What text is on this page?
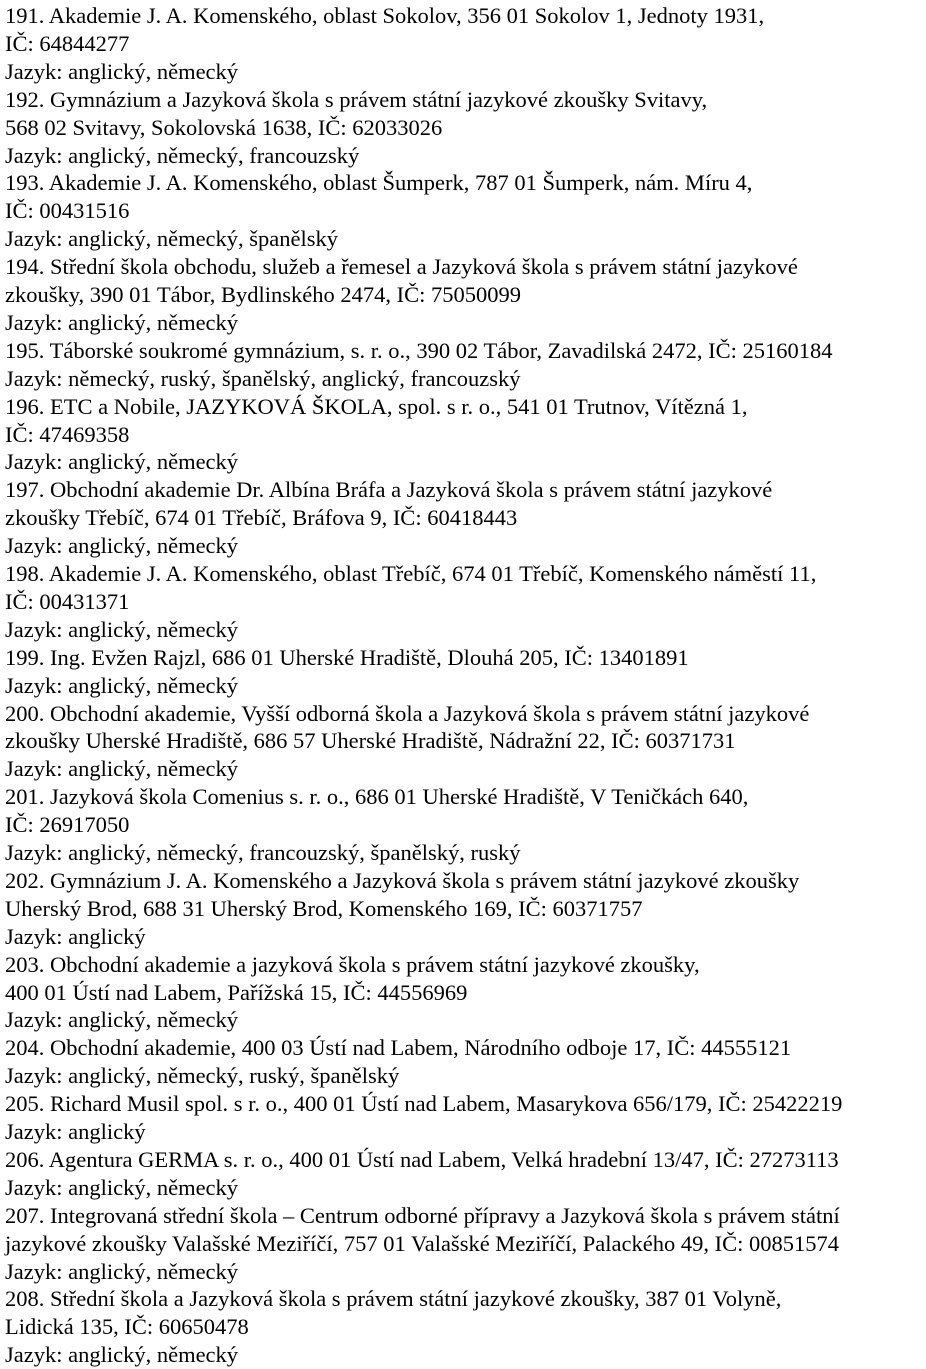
191. Akademie J. A. Komenského, oblast Sokolov, 356 01 Sokolov 1, Jednoty 1931,
IČ: 64844277
Jazyk: anglický, německý
192. Gymnázium a Jazyková škola s právem státní jazykové zkoušky Svitavy,
568 02 Svitavy, Sokolovská 1638, IČ: 62033026
Jazyk: anglický, německý, francouzský
193. Akademie J. A. Komenského, oblast Šumperk, 787 01 Šumperk, nám. Míru 4,
IČ: 00431516
Jazyk: anglický, německý, španělský
194. Střední škola obchodu, služeb a řemesel a Jazyková škola s právem státní jazykové
zkoušky, 390 01 Tábor, Bydlinského 2474, IČ: 75050099
Jazyk: anglický, německý
195. Táborské soukromé gymnázium, s. r. o., 390 02 Tábor, Zavadilská 2472, IČ: 25160184
Jazyk: německý, ruský, španělský, anglický, francouzský
196. ETC a Nobile, JAZYKOVÁ ŠKOLA, spol. s r. o., 541 01 Trutnov, Vítězná 1,
IČ: 47469358
Jazyk: anglický, německý
197. Obchodní akademie Dr. Albína Bráfa a Jazyková škola s právem státní jazykové
zkoušky Třebíč, 674 01 Třebíč, Bráfova 9, IČ: 60418443
Jazyk: anglický, německý
198. Akademie J. A. Komenského, oblast Třebíč, 674 01 Třebíč, Komenského náměstí 11,
IČ: 00431371
Jazyk: anglický, německý
199. Ing. Evžen Rajzl, 686 01 Uherské Hradiště, Dlouhá 205, IČ: 13401891
Jazyk: anglický, německý
200. Obchodní akademie, Vyšší odborná škola a Jazyková škola s právem státní jazykové
zkoušky Uherské Hradiště, 686 57 Uherské Hradiště, Nádražní 22, IČ: 60371731
Jazyk: anglický, německý
201. Jazyková škola Comenius s. r. o., 686 01 Uherské Hradiště, V Teničkách 640,
IČ: 26917050
Jazyk: anglický, německý, francouzský, španělský, ruský
202. Gymnázium J. A. Komenského a Jazyková škola s právem státní jazykové zkoušky
Uherský Brod, 688 31 Uherský Brod, Komenského 169, IČ: 60371757
Jazyk: anglický
203. Obchodní akademie a jazyková škola s právem státní jazykové zkoušky,
400 01 Ústí nad Labem, Pařížská 15, IČ: 44556969
Jazyk: anglický, německý
204. Obchodní akademie, 400 03 Ústí nad Labem, Národního odboje 17, IČ: 44555121
Jazyk: anglický, německý, ruský, španělský
205. Richard Musil spol. s r. o., 400 01 Ústí nad Labem, Masarykova 656/179, IČ: 25422219
Jazyk: anglický
206. Agentura GERMA s. r. o., 400 01 Ústí nad Labem, Velká hradební 13/47, IČ: 27273113
Jazyk: anglický, německý
207. Integrovaná střední škola – Centrum odborné přípravy a Jazyková škola s právem státní
jazykové zkoušky Valašské Meziříčí, 757 01 Valašské Meziříčí, Palackého 49, IČ: 00851574
Jazyk: anglický, německý
208. Střední škola a Jazyková škola s právem státní jazykové zkoušky, 387 01 Volyně,
Lidická 135, IČ: 60650478
Jazyk: anglický, německý
